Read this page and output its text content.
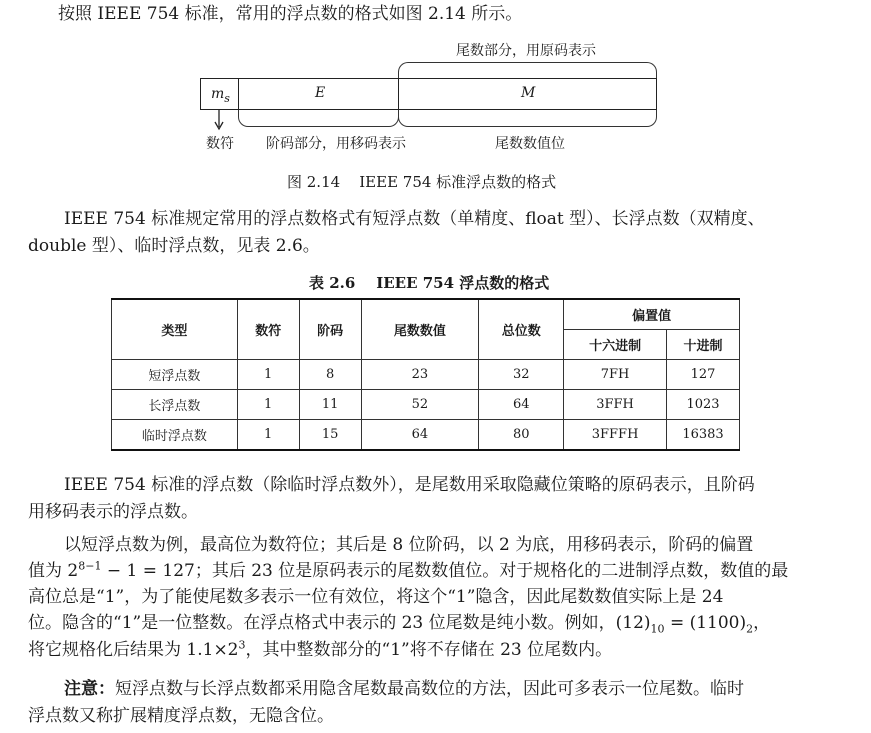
按照 IEEE 754 标准，常用的浮点数的格式如图 2.14 所示。
尾数部分，用原码表示
$m_s$	E	M
数符 阶码部分，用移码表示	尾数数值位
图 2.14    IEEE 754 标准浮点数的格式
IEEE 754 标准规定常用的浮点数格式有短浮点数（单精度、float 型）、长浮点数（双精度、
double 型）、临时浮点数，见表 2.6。
表 2.6    IEEE 754 浮点数的格式
类型	数符	阶码	尾数数值	总位数	偏置值	
					十六进制	十进制
短浮点数	1	8	23	32	7FH	127
长浮点数	1	11	52	64	3FFH	1023
临时浮点数	1	15	64	80	3FFFH	16383
IEEE 754 标准的浮点数（除临时浮点数外），是尾数用采取隐藏位策略的原码表示，且阶码
用移码表示的浮点数。
以短浮点数为例，最高位为数符位；其后是 8 位阶码，以 2 为底，用移码表示，阶码的偏置
值为 $2^{8-1} - 1 = 127$；其后 23 位是原码表示的尾数数值位。对于规格化的二进制浮点数，数值的最
高位总是“1”，为了能使尾数多表示一位有效位，将这个“1”隐含，因此尾数数值实际上是 24
位。隐含的“1”是一位整数。在浮点格式中表示的 23 位尾数是纯小数。例如，$(12)_{10} = (1100)_2$，
将它规格化后结果为 $1.1\times 2^3$，其中整数部分的“1”将不存储在 23 位尾数内。
注意：短浮点数与长浮点数都采用隐含尾数最高数位的方法，因此可多表示一位尾数。临时
浮点数又称扩展精度浮点数，无隐含位。
